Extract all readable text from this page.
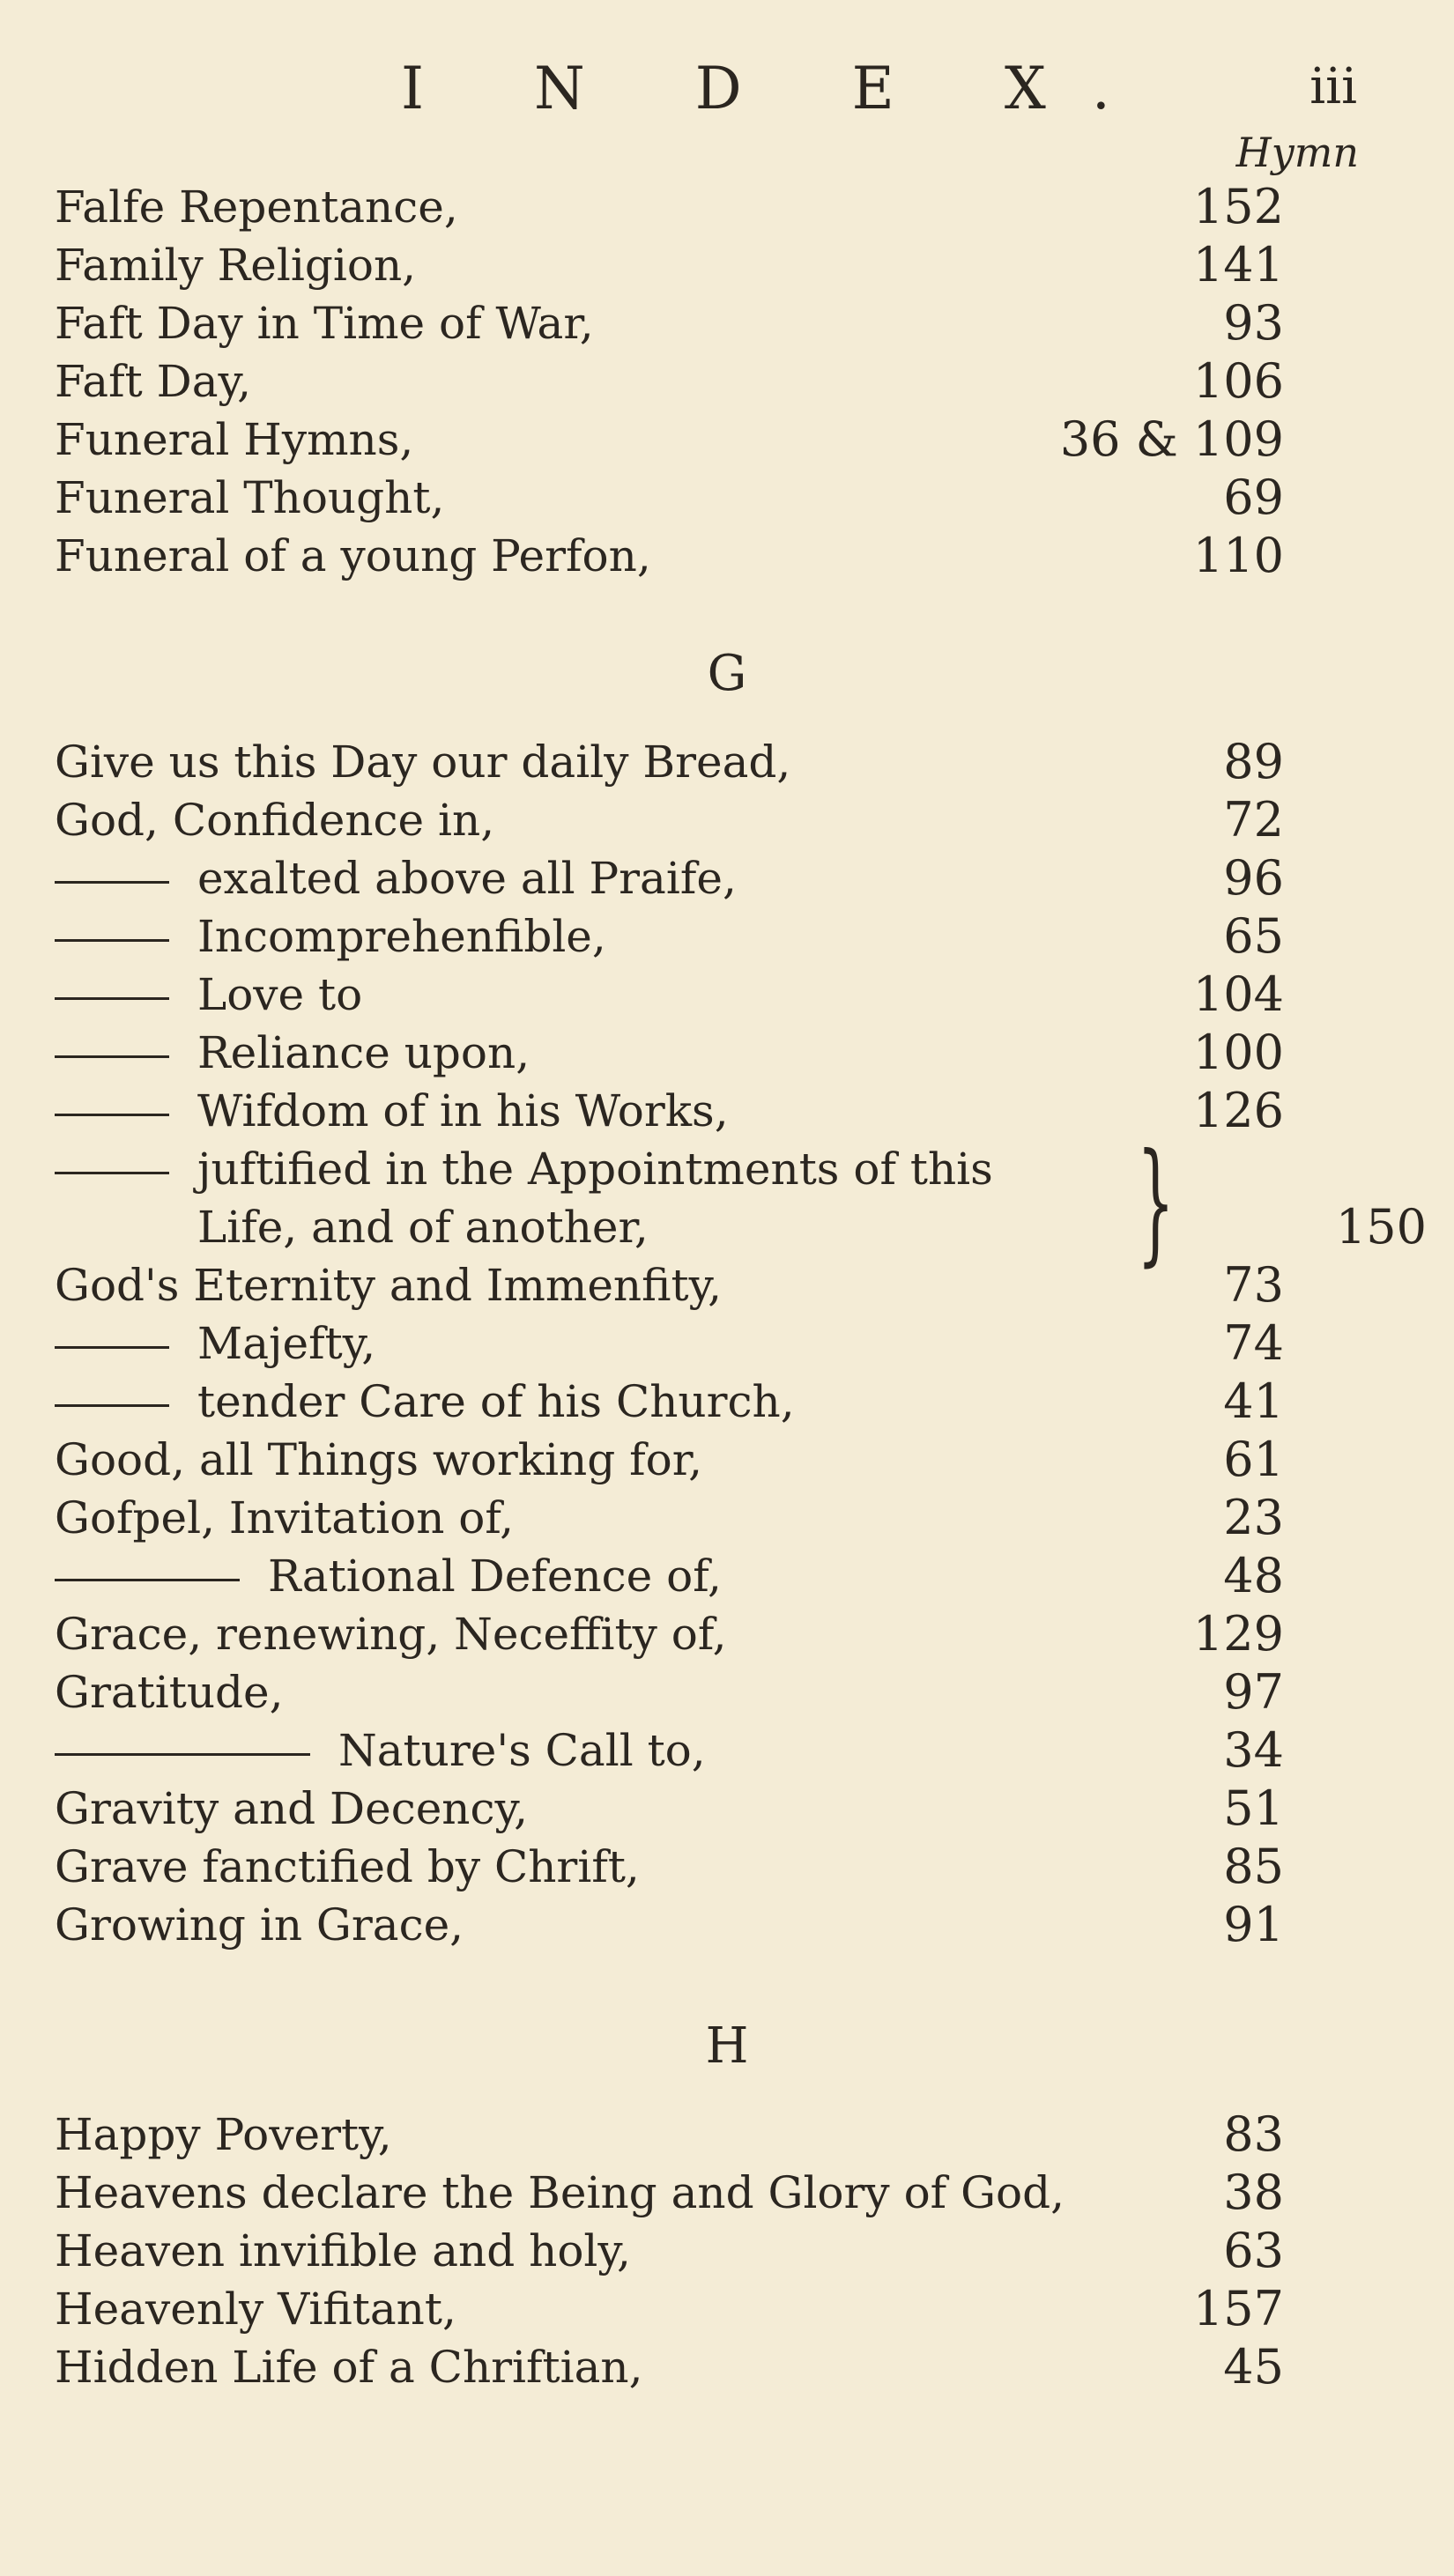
I N D E X.	iii
Hymn
Falfe Repentance,	152
Family Religion,	141
Faft Day in Time of War,	93
Faft Day,	106
Funeral Hymns,	36 & 109
Funeral Thought,	69
Funeral of a young Perfon,	110
G
Give us this Day our daily Bread,	89
God, Confidence in,	72
exalted above all Praife,	96
Incomprehenfible,	65
Love to	104
Reliance upon,	100
Wifdom of in his Works,	126
juftified in the Appointments of this
Life, and of another,	150
God's Eternity and Immenfity,	73
Majefty,	74
tender Care of his Church,	41
Good, all Things working for,	61
Gofpel, Invitation of,	23
Rational Defence of,	48
Grace, renewing, Neceffity of,	129
Gratitude,	97
Nature's Call to,	34
Gravity and Decency,	51
Grave fanctified by Chrift,	85
Growing in Grace,	91
}
H
Happy Poverty,	83
Heavens declare the Being and Glory of God,	38
Heaven invifible and holy,	63
Heavenly Vifitant,	157
Hidden Life of a Chriftian,	45
